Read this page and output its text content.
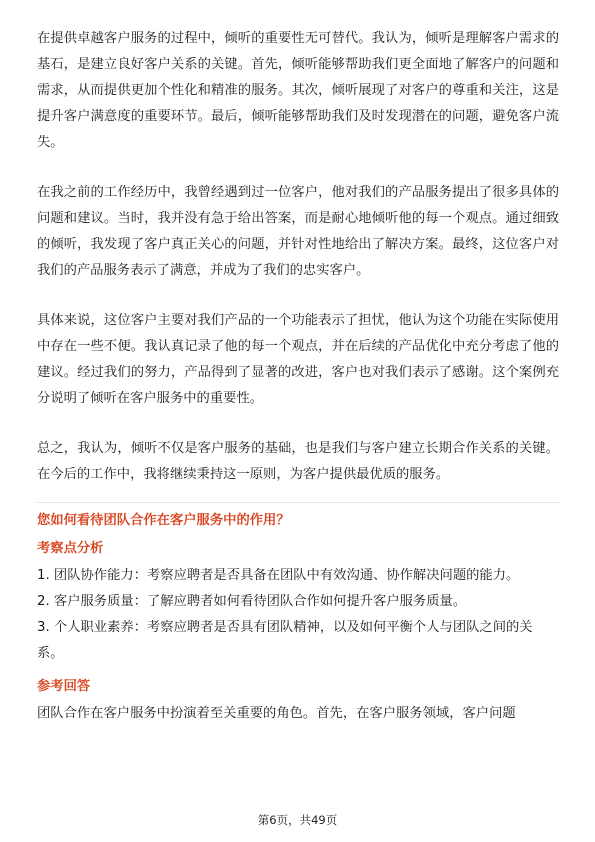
在提供卓越客户服务的过程中，倾听的重要性无可替代。我认为，倾听是理解客户需求的基石，是建立良好客户关系的关键。首先，倾听能够帮助我们更全面地了解客户的问题和需求，从而提供更加个性化和精准的服务。其次，倾听展现了对客户的尊重和关注，这是提升客户满意度的重要环节。最后，倾听能够帮助我们及时发现潜在的问题，避免客户流失。

在我之前的工作经历中，我曾经遇到过一位客户，他对我们的产品服务提出了很多具体的问题和建议。当时，我并没有急于给出答案，而是耐心地倾听他的每一个观点。通过细致的倾听，我发现了客户真正关心的问题，并针对性地给出了解决方案。最终，这位客户对我们的产品服务表示了满意，并成为了我们的忠实客户。

具体来说，这位客户主要对我们产品的一个功能表示了担忧，他认为这个功能在实际使用中存在一些不便。我认真记录了他的每一个观点，并在后续的产品优化中充分考虑了他的建议。经过我们的努力，产品得到了显著的改进，客户也对我们表示了感谢。这个案例充分说明了倾听在客户服务中的重要性。

总之，我认为，倾听不仅是客户服务的基础，也是我们与客户建立长期合作关系的关键。在今后的工作中，我将继续秉持这一原则，为客户提供最优质的服务。

您如何看待团队合作在客户服务中的作用？

考察点分析

1. 团队协作能力：考察应聘者是否具备在团队中有效沟通、协作解决问题的能力。

2. 客户服务质量：了解应聘者如何看待团队合作如何提升客户服务质量。

3. 个人职业素养：考察应聘者是否具有团队精神，以及如何平衡个人与团队之间的关系。

参考回答

团队合作在客户服务中扮演着至关重要的角色。首先，在客户服务领域，客户问题

第6页，共49页
